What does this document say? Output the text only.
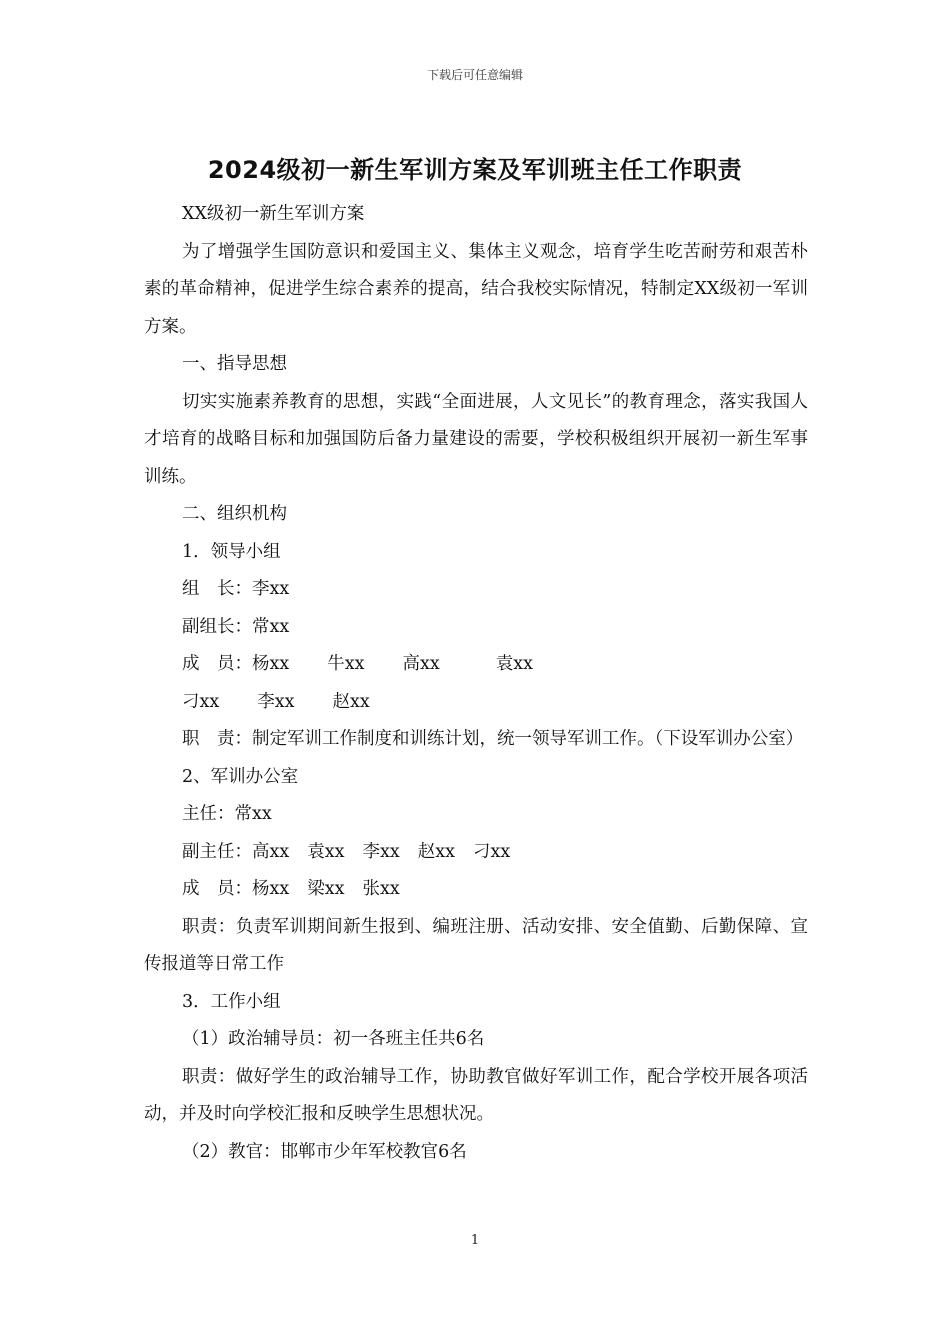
下载后可任意编辑
2024级初一新生军训方案及军训班主任工作职责

XX级初一新生军训方案

为了增强学生国防意识和爱国主义、集体主义观念，培育学生吃苦耐劳和艰苦朴素的革命精神，促进学生综合素养的提高，结合我校实际情况，特制定XX级初一军训方案。

一、指导思想

切实实施素养教育的思想，实践“全面进展，人文见长”的教育理念，落实我国人才培育的战略目标和加强国防后备力量建设的需要，学校积极组织开展初一新生军事训练。

二、组织机构

1．领导小组

组　长：李xx

副组长：常xx

成　员：杨xx 牛xx 高xx	袁xx

刁xx 李xx 赵xx

职　责：制定军训工作制度和训练计划，统一领导军训工作。（下设军训办公室）

2、军训办公室

主任：常xx

副主任：高xx 袁xx 李xx 赵xx 刁xx

成　员：杨xx 梁xx 张xx

职责：负责军训期间新生报到、编班注册、活动安排、安全值勤、后勤保障、宣传报道等日常工作

3．工作小组

（1）政治辅导员：初一各班主任共6名

职责：做好学生的政治辅导工作，协助教官做好军训工作，配合学校开展各项活动，并及时向学校汇报和反映学生思想状况。

（2）教官：邯郸市少年军校教官6名

1
